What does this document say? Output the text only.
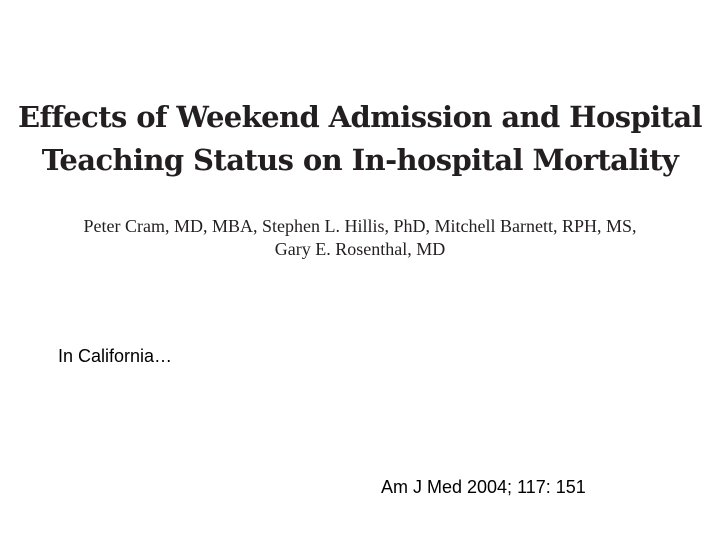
Effects of Weekend Admission and Hospital
Teaching Status on In-hospital Mortality
Peter Cram, MD, MBA, Stephen L. Hillis, PhD, Mitchell Barnett, RPH, MS,
Gary E. Rosenthal, MD
In California…
Am J Med 2004; 117: 151
